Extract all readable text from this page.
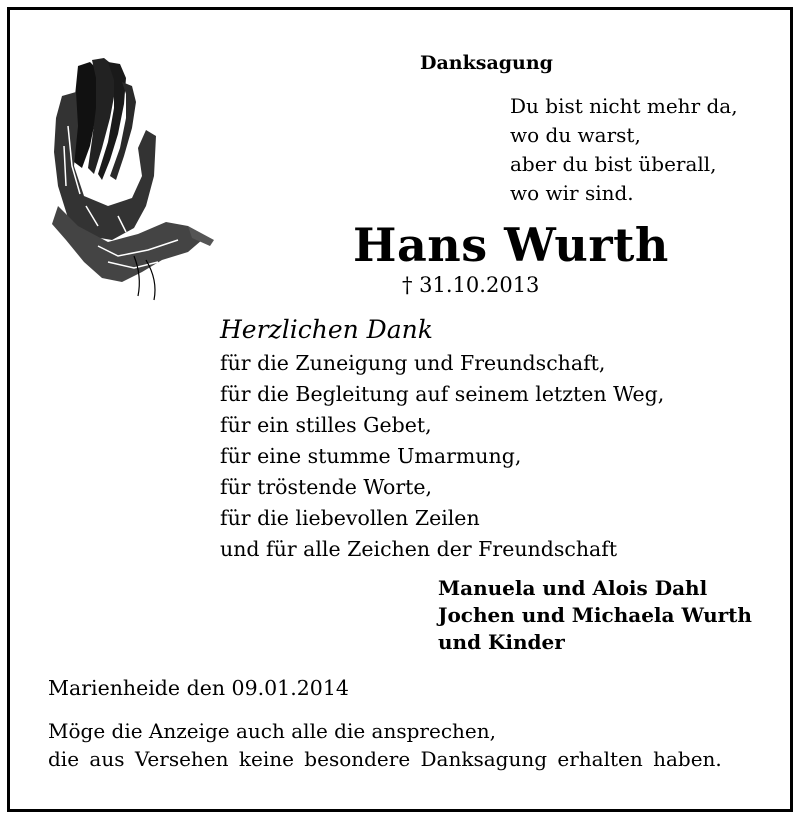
Danksagung
Du bist nicht mehr da,
wo du warst,
aber du bist überall,
wo wir sind.
Hans Wurth
† 31.10.2013
Herzlichen Dank
für die Zuneigung und Freundschaft,
für die Begleitung auf seinem letzten Weg,
für ein stilles Gebet,
für eine stumme Umarmung,
für tröstende Worte,
für die liebevollen Zeilen
und für alle Zeichen der Freundschaft
Manuela und Alois Dahl
Jochen und Michaela Wurth
und Kinder
Marienheide den 09.01.2014
Möge die Anzeige auch alle die ansprechen,
die aus Versehen keine besondere Danksagung erhalten haben.
